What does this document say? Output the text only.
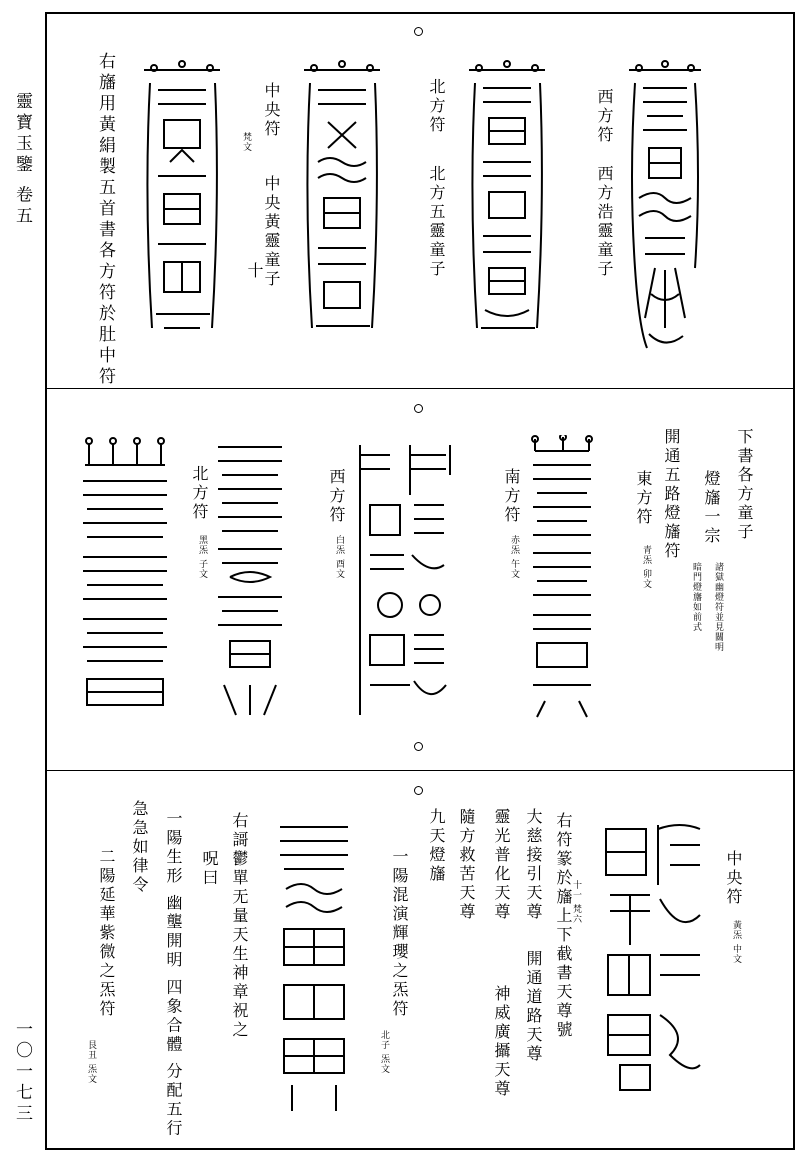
靈寶玉鑒 卷五
一〇一七三
西方符
西方浩靈童子
北方符
北方五靈童子
中央符
梵文
中央黃靈童子
十
右旛用黃絹製五首書各方符於肚中符
下書各方童子
燈旛一宗
諸獄幽燈符並見關明
暗門燈旛如前式
開通五路燈旛符
東方符
青炁 卯文
南方符
赤炁 午文
西方符
白炁 酉文
北方符
黑炁 子文
中央符
黃炁 中文
右符篆於旛上下截書天尊號
十一 梵六
大慈接引天尊
開通道路天尊
靈光普化天尊
神威廣攝天尊
隨方救苦天尊
九天燈旛
一陽混演輝瓔之炁符
北子 炁文
右謌鬱單无量天生神章祝之
呪曰
一陽生形 幽壟開明 四象合體 分配五行
急急如律令
二陽延華紫微之炁符
艮丑 炁文
